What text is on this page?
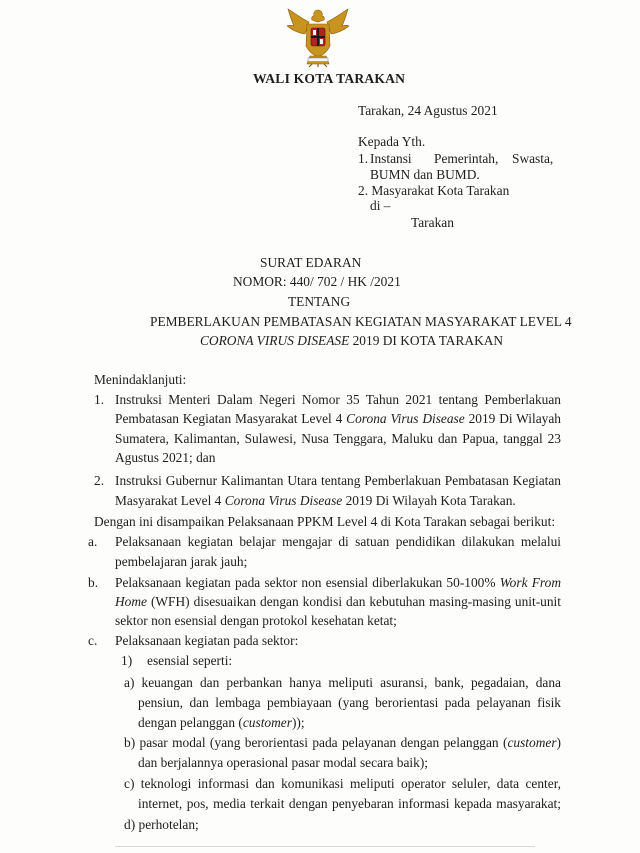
WALI KOTA TARAKAN
Tarakan, 24 Agustus 2021
Kepada Yth.
1. Instansi Pemerintah, Swasta,
BUMN dan BUMD.
2. Masyarakat Kota Tarakan
di –
Tarakan
SURAT EDARAN
NOMOR: 440/ 702 / HK /2021
TENTANG
PEMBERLAKUAN PEMBATASAN KEGIATAN MASYARAKAT LEVEL 4
CORONA VIRUS DISEASE 2019 DI KOTA TARAKAN
Menindaklanjuti:
1. Instruksi Menteri Dalam Negeri Nomor 35 Tahun 2021 tentang Pemberlakuan
Pembatasan Kegiatan Masyarakat Level 4 Corona Virus Disease 2019 Di Wilayah
Sumatera, Kalimantan, Sulawesi, Nusa Tenggara, Maluku dan Papua, tanggal 23
Agustus 2021; dan
2. Instruksi Gubernur Kalimantan Utara tentang Pemberlakuan Pembatasan Kegiatan
Masyarakat Level 4 Corona Virus Disease 2019 Di Wilayah Kota Tarakan.
Dengan ini disampaikan Pelaksanaan PPKM Level 4 di Kota Tarakan sebagai berikut:
a. Pelaksanaan kegiatan belajar mengajar di satuan pendidikan dilakukan melalui
pembelajaran jarak jauh;
b. Pelaksanaan kegiatan pada sektor non esensial diberlakukan 50-100% Work From
Home (WFH) disesuaikan dengan kondisi dan kebutuhan masing-masing unit-unit
sektor non esensial dengan protokol kesehatan ketat;
c. Pelaksanaan kegiatan pada sektor:
1) esensial seperti:
a) keuangan dan perbankan hanya meliputi asuransi, bank, pegadaian, dana
pensiun, dan lembaga pembiayaan (yang berorientasi pada pelayanan fisik
dengan pelanggan (customer));
b) pasar modal (yang berorientasi pada pelayanan dengan pelanggan (customer)
dan berjalannya operasional pasar modal secara baik);
c) teknologi informasi dan komunikasi meliputi operator seluler, data center,
internet, pos, media terkait dengan penyebaran informasi kepada masyarakat;
d) perhotelan;
